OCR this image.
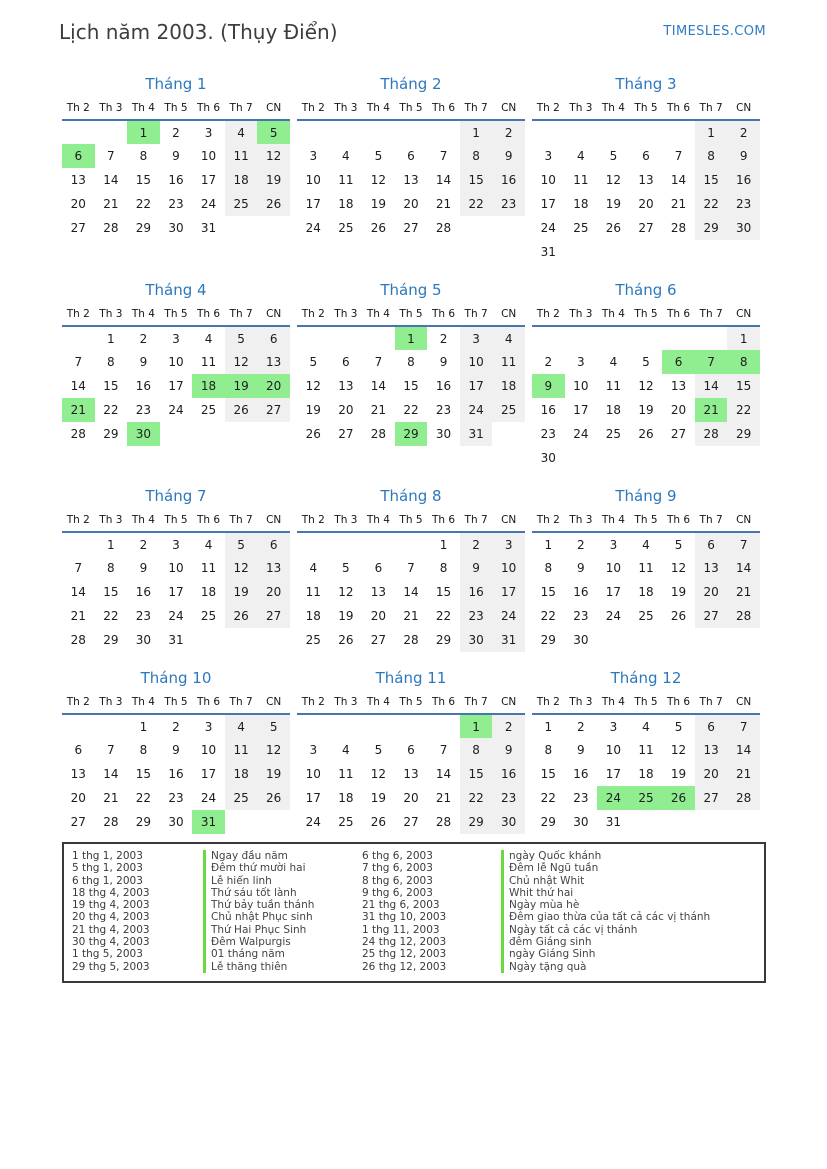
Lịch năm 2003. (Thụy Điển)	TIMESLES.COM
Tháng 1
Th 2	Th 3	Th 4	Th 5	Th 6	Th 7	CN
		1	2	3	4	5
6	7	8	9	10	11	12
13	14	15	16	17	18	19
20	21	22	23	24	25	26
27	28	29	30	31		
Tháng 2
Th 2	Th 3	Th 4	Th 5	Th 6	Th 7	CN
					1	2
3	4	5	6	7	8	9
10	11	12	13	14	15	16
17	18	19	20	21	22	23
24	25	26	27	28		
Tháng 3
Th 2	Th 3	Th 4	Th 5	Th 6	Th 7	CN
					1	2
3	4	5	6	7	8	9
10	11	12	13	14	15	16
17	18	19	20	21	22	23
24	25	26	27	28	29	30
31						
Tháng 4
Th 2	Th 3	Th 4	Th 5	Th 6	Th 7	CN
	1	2	3	4	5	6
7	8	9	10	11	12	13
14	15	16	17	18	19	20
21	22	23	24	25	26	27
28	29	30				
Tháng 5
Th 2	Th 3	Th 4	Th 5	Th 6	Th 7	CN
			1	2	3	4
5	6	7	8	9	10	11
12	13	14	15	16	17	18
19	20	21	22	23	24	25
26	27	28	29	30	31	
Tháng 6
Th 2	Th 3	Th 4	Th 5	Th 6	Th 7	CN
						1
2	3	4	5	6	7	8
9	10	11	12	13	14	15
16	17	18	19	20	21	22
23	24	25	26	27	28	29
30						
Tháng 7
Th 2	Th 3	Th 4	Th 5	Th 6	Th 7	CN
	1	2	3	4	5	6
7	8	9	10	11	12	13
14	15	16	17	18	19	20
21	22	23	24	25	26	27
28	29	30	31			
Tháng 8
Th 2	Th 3	Th 4	Th 5	Th 6	Th 7	CN
				1	2	3
4	5	6	7	8	9	10
11	12	13	14	15	16	17
18	19	20	21	22	23	24
25	26	27	28	29	30	31
Tháng 9
Th 2	Th 3	Th 4	Th 5	Th 6	Th 7	CN
1	2	3	4	5	6	7
8	9	10	11	12	13	14
15	16	17	18	19	20	21
22	23	24	25	26	27	28
29	30					
Tháng 10
Th 2	Th 3	Th 4	Th 5	Th 6	Th 7	CN
		1	2	3	4	5
6	7	8	9	10	11	12
13	14	15	16	17	18	19
20	21	22	23	24	25	26
27	28	29	30	31		
Tháng 11
Th 2	Th 3	Th 4	Th 5	Th 6	Th 7	CN
					1	2
3	4	5	6	7	8	9
10	11	12	13	14	15	16
17	18	19	20	21	22	23
24	25	26	27	28	29	30
Tháng 12
Th 2	Th 3	Th 4	Th 5	Th 6	Th 7	CN
1	2	3	4	5	6	7
8	9	10	11	12	13	14
15	16	17	18	19	20	21
22	23	24	25	26	27	28
29	30	31				
1 thg 1, 2003	Ngay đầu năm	6 thg 6, 2003	ngày Quốc khánh
5 thg 1, 2003	Đêm thứ mười hai	7 thg 6, 2003	Đêm lễ Ngũ tuần
6 thg 1, 2003	Lễ hiển linh	8 thg 6, 2003	Chủ nhật Whit
18 thg 4, 2003	Thứ sáu tốt lành	9 thg 6, 2003	Whit thứ hai
19 thg 4, 2003	Thứ bảy tuần thánh	21 thg 6, 2003	Ngày mùa hè
20 thg 4, 2003	Chủ nhật Phục sinh	31 thg 10, 2003	Đêm giao thừa của tất cả các vị thánh
21 thg 4, 2003	Thứ Hai Phục Sinh	1 thg 11, 2003	Ngày tất cả các vị thánh
30 thg 4, 2003	Đêm Walpurgis	24 thg 12, 2003	đêm Giáng sinh
1 thg 5, 2003	01 tháng năm	25 thg 12, 2003	ngày Giáng Sinh
29 thg 5, 2003	Lễ thăng thiên	26 thg 12, 2003	Ngày tặng quà
